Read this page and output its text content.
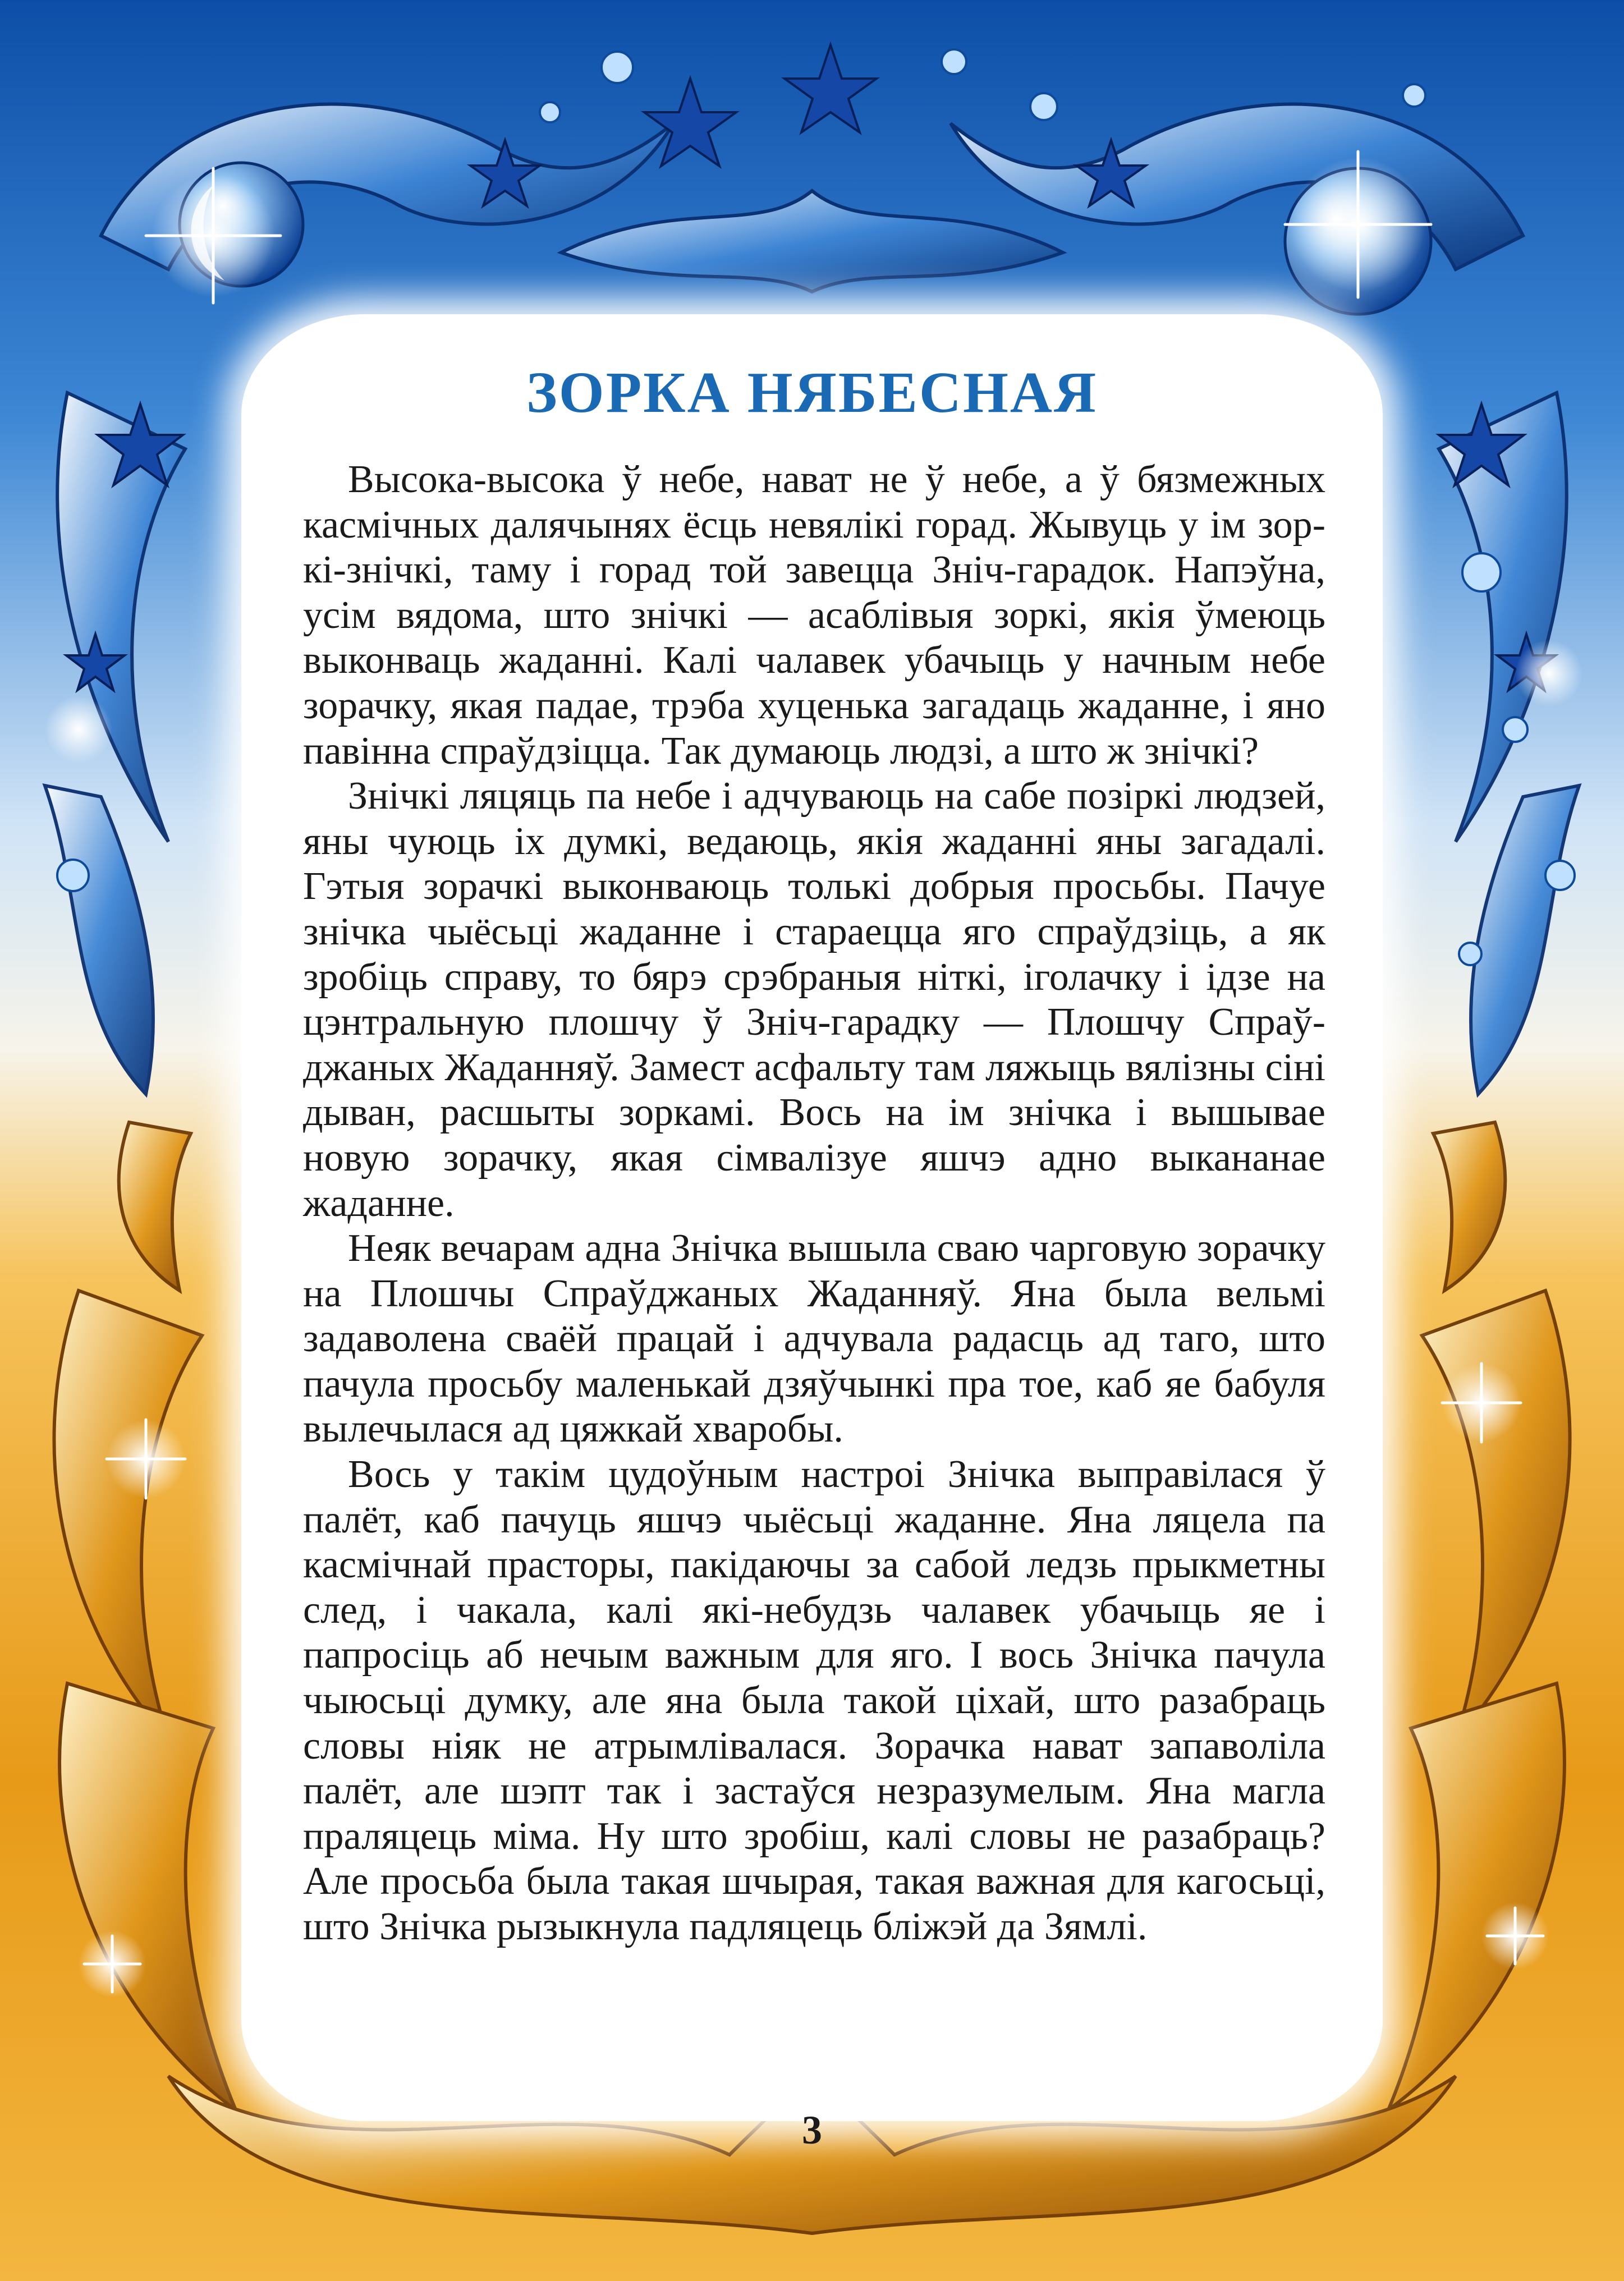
ЗОРКА НЯБЕСНАЯ

Высока-высока ў небе, нават не ў небе, а ў бязмежных касмічных далячынях ёсць невялікі горад. Жывуць у ім зоркі-знічкі, таму і горад той завецца Зніч-гарадок. Напэўна, усім вядома, што знічкі — асаблівыя зоркі, якія ўмеюць выконваць жаданні. Калі чалавек убачыць у начным небе зорачку, якая падае, трэба хуценька загадаць жаданне, і яно павінна спраўдзіцца. Так думаюць людзі, а што ж знічкі?

Знічкі ляцяць па небе і адчуваюць на сабе позіркі людзей, яны чуюць іх думкі, ведаюць, якія жаданні яны загадалі. Гэтыя зорачкі выконваюць толькі добрыя просьбы. Пачуе знічка чыёсьці жаданне і стараецца яго спраўдзіць, а як зробіць справу, то бярэ срэбраныя ніткі, іголачку і ідзе на цэнтральную плошчу ў Зніч-гарадку — Плошчу Спраўджаных Жаданняў. Замест асфальту там ляжыць вялізны сіні дыван, расшыты зоркамі. Вось на ім знічка і вышывае новую зорачку, якая сімвалізуе яшчэ адно выкананае жаданне.

Неяк вечарам адна Знічка вышыла сваю чарговую зорачку на Плошчы Спраўджаных Жаданняў. Яна была вельмі задаволена сваёй працай і адчувала радасць ад таго, што пачула просьбу маленькай дзяўчынкі пра тое, каб яе бабуля вылечылася ад цяжкай хваробы.

Вось у такім цудоўным настроі Знічка выправілася ў палёт, каб пачуць яшчэ чыёсьці жаданне. Яна ляцела па касмічнай прасторы, пакідаючы за сабой ледзь прыкметны след, і чакала, калі які-небудзь чалавек убачыць яе і папросіць аб нечым важным для яго. І вось Знічка пачула чыюсьці думку, але яна была такой ціхай, што разабраць словы ніяк не атрымлівалася. Зорачка нават запаволіла палёт, але шэпт так і застаўся незразумелым. Яна магла праляцець міма. Ну што зробіш, калі словы не разабраць? Але просьба была такая шчырая, такая важная для кагосьці, што Знічка рызыкнула падляцець бліжэй да Зямлі.

3
